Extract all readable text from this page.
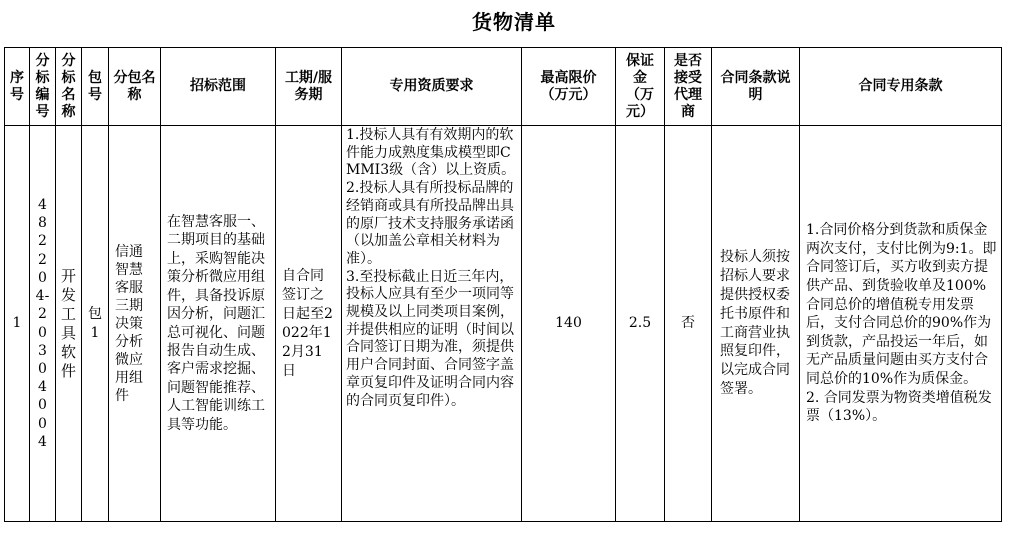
货物清单
序号	分标编号	分标名称	包号	分包名称	招标范围	工期/服务期	专用资质要求	最高限价（万元）	保证金（万元）	是否接受代理商	合同条款说明	合同专用条款
1	482204-20304004	开发工具软件	包1	信通智慧客服三期决策分析微应用组件	在智慧客服一、二期项目的基础上，采购智能决策分析微应用组件，具备投诉原因分析，问题汇总可视化、问题报告自动生成、客户需求挖掘、问题智能推荐、人工智能训练工具等功能。	自合同签订之日起至2022年12月31日	1.投标人具有有效期内的软件能力成熟度集成模型即CMMI3级（含）以上资质。
2.投标人具有所投标品牌的经销商或具有所投品牌出具的原厂技术支持服务承诺函（以加盖公章相关材料为准）。
3.至投标截止日近三年内，投标人应具有至少一项同等规模及以上同类项目案例，并提供相应的证明（时间以合同签订日期为准，须提供用户合同封面、合同签字盖章页复印件及证明合同内容的合同页复印件）。	140	2.5	否	投标人须按招标人要求提供授权委托书原件和工商营业执照复印件，以完成合同签署。	1.合同价格分到货款和质保金两次支付，支付比例为9:1。即合同签订后，买方收到卖方提供产品、到货验收单及100%合同总价的增值税专用发票后，支付合同总价的90%作为到货款，产品投运一年后，如无产品质量问题由买方支付合同总价的10%作为质保金。
2. 合同发票为物资类增值税发票（13%）。
